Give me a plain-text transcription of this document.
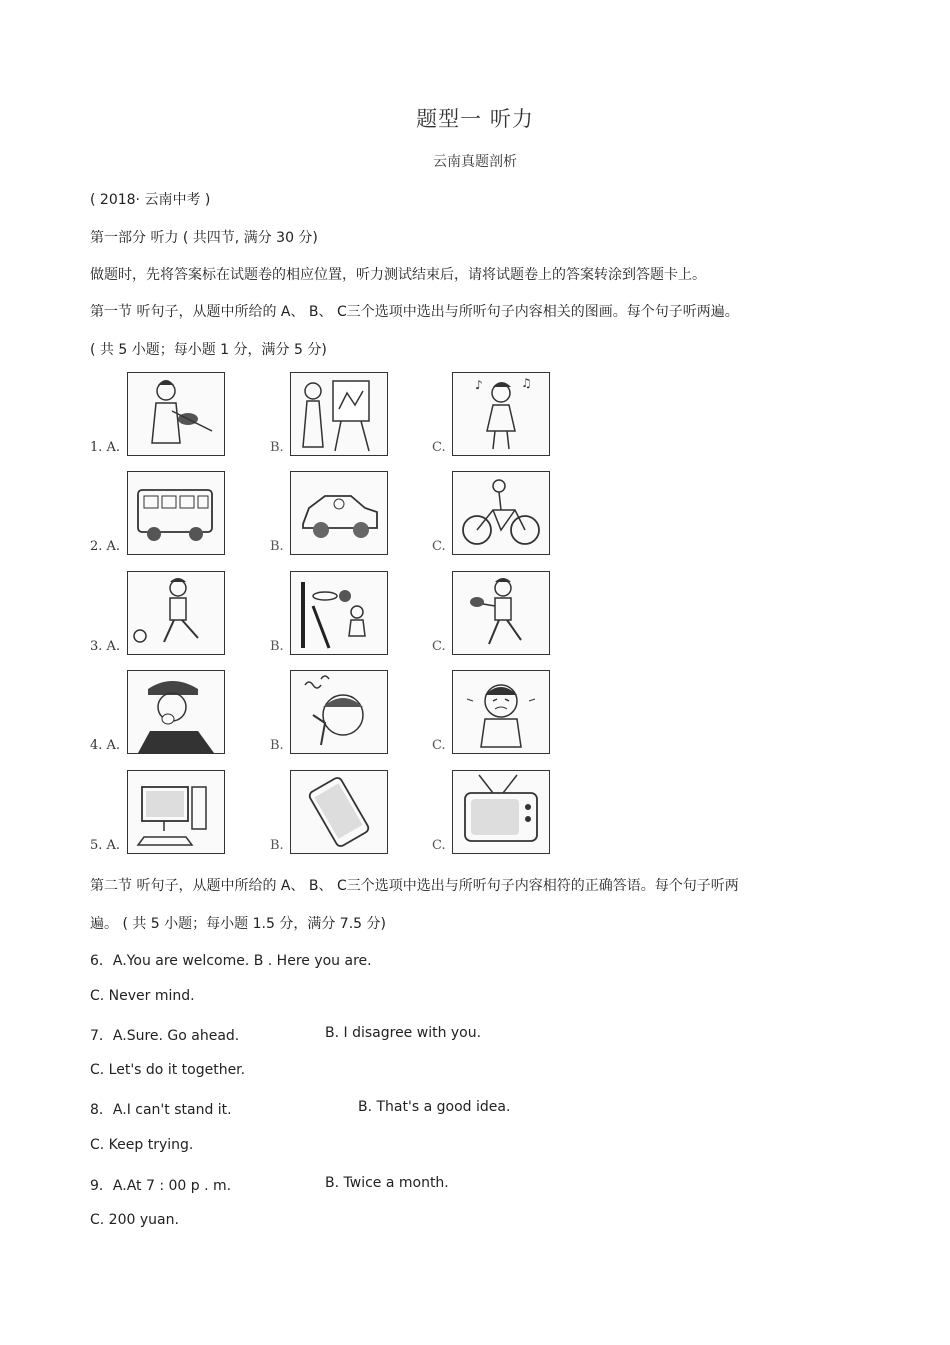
题型一 听力
云南真题剖析
( 2018· 云南中考 )
第一部分 听力 ( 共四节, 满分 30 分)
做题时，先将答案标在试题卷的相应位置，听力测试结束后，请将试题卷上的答案转涂到答题卡上。
第一节 听句子，从题中所给的 A、 B、 C三个选项中选出与所听句子内容相关的图画。每个句子听两遍。
( 共 5 小题；每小题 1 分，满分 5 分)
1. A.	B.	C.
♪	♫
2. A.	B.	C.
3. A.	B.	C.
4. A.	B.	C.
5. A.	B.	C.
第二节 听句子，从题中所给的 A、 B、 C三个选项中选出与所听句子内容相符的正确答语。每个句子听两
遍。 ( 共 5 小题；每小题 1.5 分，满分 7.5 分)
6．A.You are welcome. B . Here you are.
C. Never mind.
7．A.Sure. Go ahead.	B. I disagree with you.
C. Let's do it together.
8．A.I can't stand it.	B. That's a good idea.
C. Keep trying.
9．A.At 7 : 00 p . m.	B. Twice a month.
C. 200 yuan.
